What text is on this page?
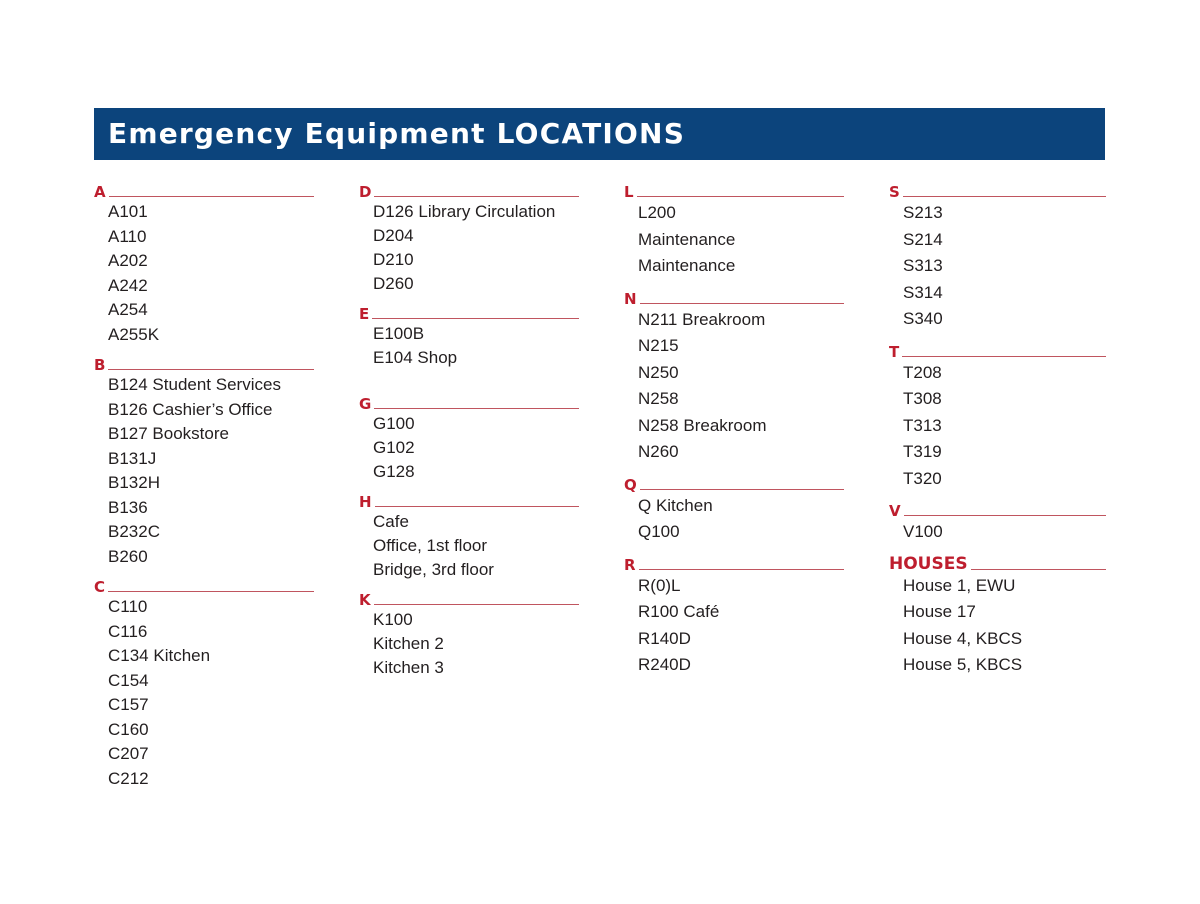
Emergency Equipment LOCATIONS
A
A101
A110
A202
A242
A254
A255K
B
B124 Student Services
B126 Cashier’s Office
B127 Bookstore
B131J
B132H
B136
B232C
B260
C
C110
C116
C134 Kitchen
C154
C157
C160
C207
C212
D
D126 Library Circulation
D204
D210
D260
E
E100B
E104 Shop
G
G100
G102
G128
H
Cafe
Office, 1st floor
Bridge, 3rd floor
K
K100
Kitchen 2
Kitchen 3
L
L200
Maintenance
Maintenance
N
N211 Breakroom
N215
N250
N258
N258 Breakroom
N260
Q
Q Kitchen
Q100
R
R(0)L
R100 Café
R140D
R240D
S
S213
S214
S313
S314
S340
T
T208
T308
T313
T319
T320
V
V100
HOUSES
House 1, EWU
House 17
House 4, KBCS
House 5, KBCS
